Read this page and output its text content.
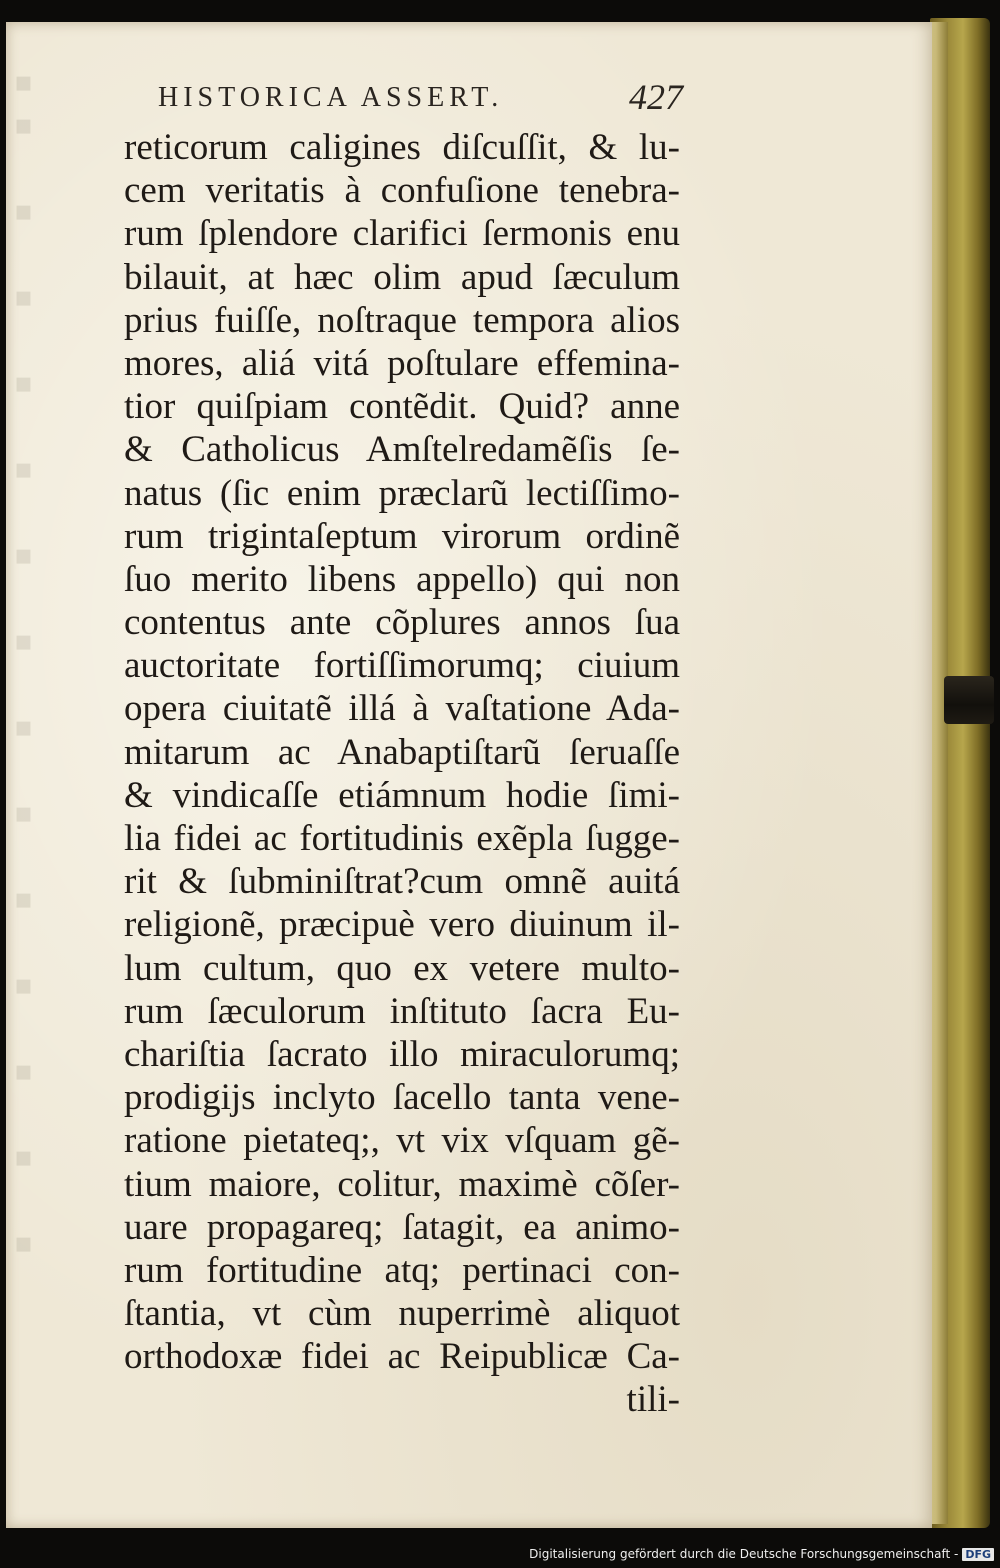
▪
▪

▪

▪

▪

▪

▪

▪

▪

▪

▪

▪

▪

▪

▪
HISTORICA ASSERT.	427
reticorum caligines diſcuſſit, & lu-
cem veritatis à confuſione tenebra-
rum ſplendore clarifici ſermonis enu
bilauit, at hæc olim apud ſæculum
prius fuiſſe, noſtraque tempora alios
mores, aliá vitá poſtulare effemina-
tior quiſpiam contẽdit. Quid? anne
& Catholicus Amſtelredamẽſis ſe-
natus (ſic enim præclarũ lectiſſimo-
rum trigintaſeptum virorum ordinẽ
ſuo merito libens appello) qui non
contentus ante cõplures annos ſua
auctoritate fortiſſimorumq; ciuium
opera ciuitatẽ illá à vaſtatione Ada-
mitarum ac Anabaptiſtarũ ſeruaſſe
& vindicaſſe etiámnum hodie ſimi-
lia fidei ac fortitudinis exẽpla ſugge-
rit & ſubminiſtrat?cum omnẽ auitá
religionẽ, præcipuè vero diuinum il-
lum cultum, quo ex vetere multo-
rum ſæculorum inſtituto ſacra Eu-
chariſtia ſacrato illo miraculorumq;
prodigijs inclyto ſacello tanta vene-
ratione pietateq;, vt vix vſquam gẽ-
tium maiore, colitur, maximè cõſer-
uare propagareq; ſatagit, ea animo-
rum fortitudine atq; pertinaci con-
ſtantia, vt cùm nuperrimè aliquot
orthodoxæ fidei ac Reipublicæ Ca-
tili-
Digitalisierung gefördert durch die Deutsche Forschungsgemeinschaft - DFG
